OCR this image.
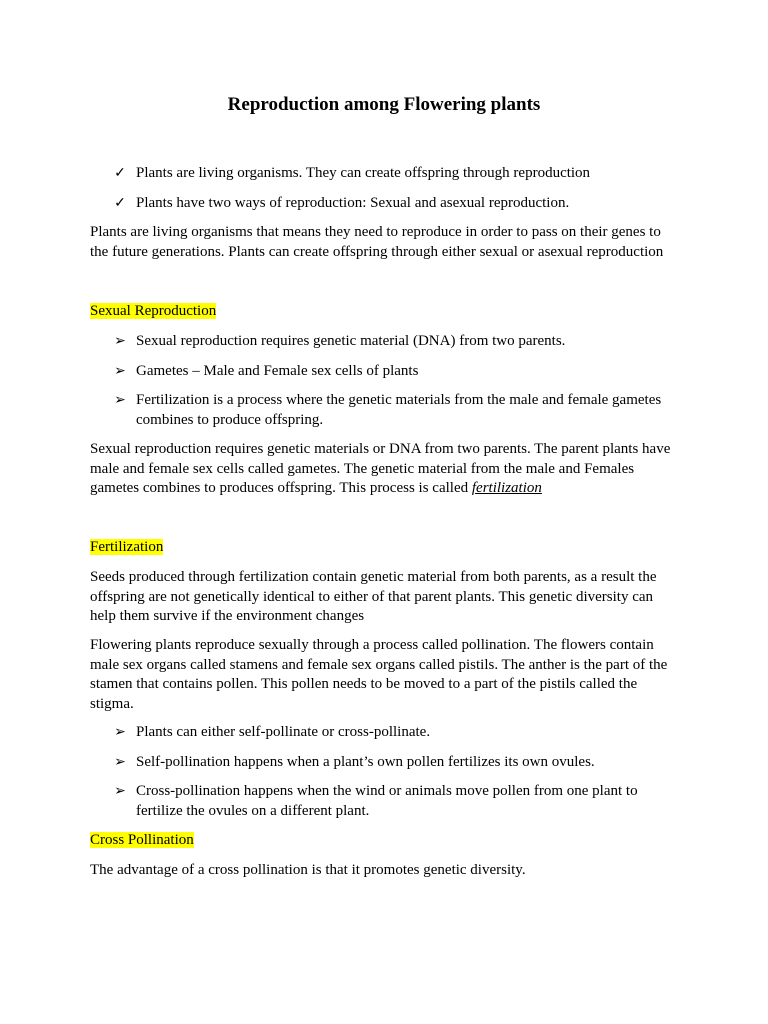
Reproduction among Flowering plants
✓ Plants are living organisms. They can create offspring through reproduction
✓ Plants have two ways of reproduction: Sexual and asexual reproduction.

Plants are living organisms that means they need to reproduce in order to pass on their genes to the future generations. Plants can create offspring through either sexual or asexual reproduction

Sexual Reproduction
➢ Sexual reproduction requires genetic material (DNA) from two parents.
➢ Gametes – Male and Female sex cells of plants
➢ Fertilization is a process where the genetic materials from the male and female gametes combines to produce offspring.

Sexual reproduction requires genetic materials or DNA from two parents. The parent plants have male and female sex cells called gametes. The genetic material from the male and Females gametes combines to produces offspring. This process is called fertilization

Fertilization

Seeds produced through fertilization contain genetic material from both parents, as a result the offspring are not genetically identical to either of that parent plants. This genetic diversity can help them survive if the environment changes

Flowering plants reproduce sexually through a process called pollination. The flowers contain male sex organs called stamens and female sex organs called pistils. The anther is the part of the stamen that contains pollen. This pollen needs to be moved to a part of the pistils called the stigma.

➢ Plants can either self-pollinate or cross-pollinate.
➢ Self-pollination happens when a plant’s own pollen fertilizes its own ovules.
➢ Cross-pollination happens when the wind or animals move pollen from one plant to fertilize the ovules on a different plant.
Cross Pollination

The advantage of a cross pollination is that it promotes genetic diversity.
